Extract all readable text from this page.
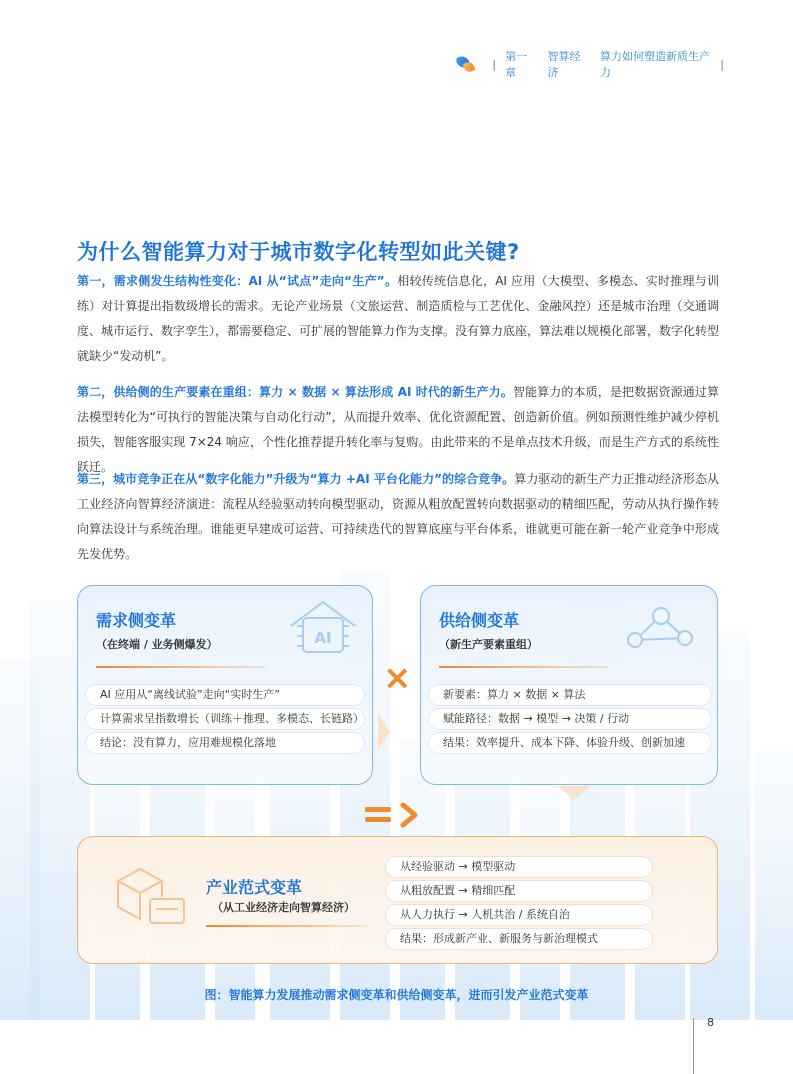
|
第一章
智算经济
算力如何塑造新质生产力
|
为什么智能算力对于城市数字化转型如此关键?
第一，需求侧发生结构性变化：AI 从“试点”走向“生产”。相较传统信息化，AI 应用（大模型、多模态、实时推理与训练）对计算提出指数级增长的需求。无论产业场景（文旅运营、制造质检与工艺优化、金融风控）还是城市治理（交通调度、城市运行、数字孪生），都需要稳定、可扩展的智能算力作为支撑。没有算力底座，算法难以规模化部署，数字化转型就缺少“发动机”。
第二，供给侧的生产要素在重组：算力 × 数据 × 算法形成 AI 时代的新生产力。智能算力的本质，是把数据资源通过算法模型转化为“可执行的智能决策与自动化行动”，从而提升效率、优化资源配置、创造新价值。例如预测性维护减少停机损失，智能客服实现 7×24 响应，个性化推荐提升转化率与复购。由此带来的不是单点技术升级，而是生产方式的系统性跃迁。
第三，城市竞争正在从“数字化能力”升级为“算力 +AI 平台化能力”的综合竞争。算力驱动的新生产力正推动经济形态从工业经济向智算经济演进：流程从经验驱动转向模型驱动，资源从粗放配置转向数据驱动的精细匹配，劳动从执行操作转向算法设计与系统治理。谁能更早建成可运营、可持续迭代的智算底座与平台体系，谁就更可能在新一轮产业竞争中形成先发优势。
需求侧变革
（在终端 / 业务侧爆发）	AI
AI 应用从“离线试验”走向“实时生产”
计算需求呈指数增长（训练＋推理、多模态、长链路）
结论：没有算力，应用难规模化落地
供给侧变革
（新生产要素重组）
新要素：算力 × 数据 × 算法
赋能路径：数据 → 模型 → 决策 / 行动
结果：效率提升、成本下降、体验升级、创新加速
×
产业范式变革
（从工业经济走向智算经济）
从经验驱动 → 模型驱动
从粗放配置 → 精细匹配
从人力执行 → 人机共治 / 系统自治
结果：形成新产业、新服务与新治理模式
图：智能算力发展推动需求侧变革和供给侧变革，进而引发产业范式变革
8
